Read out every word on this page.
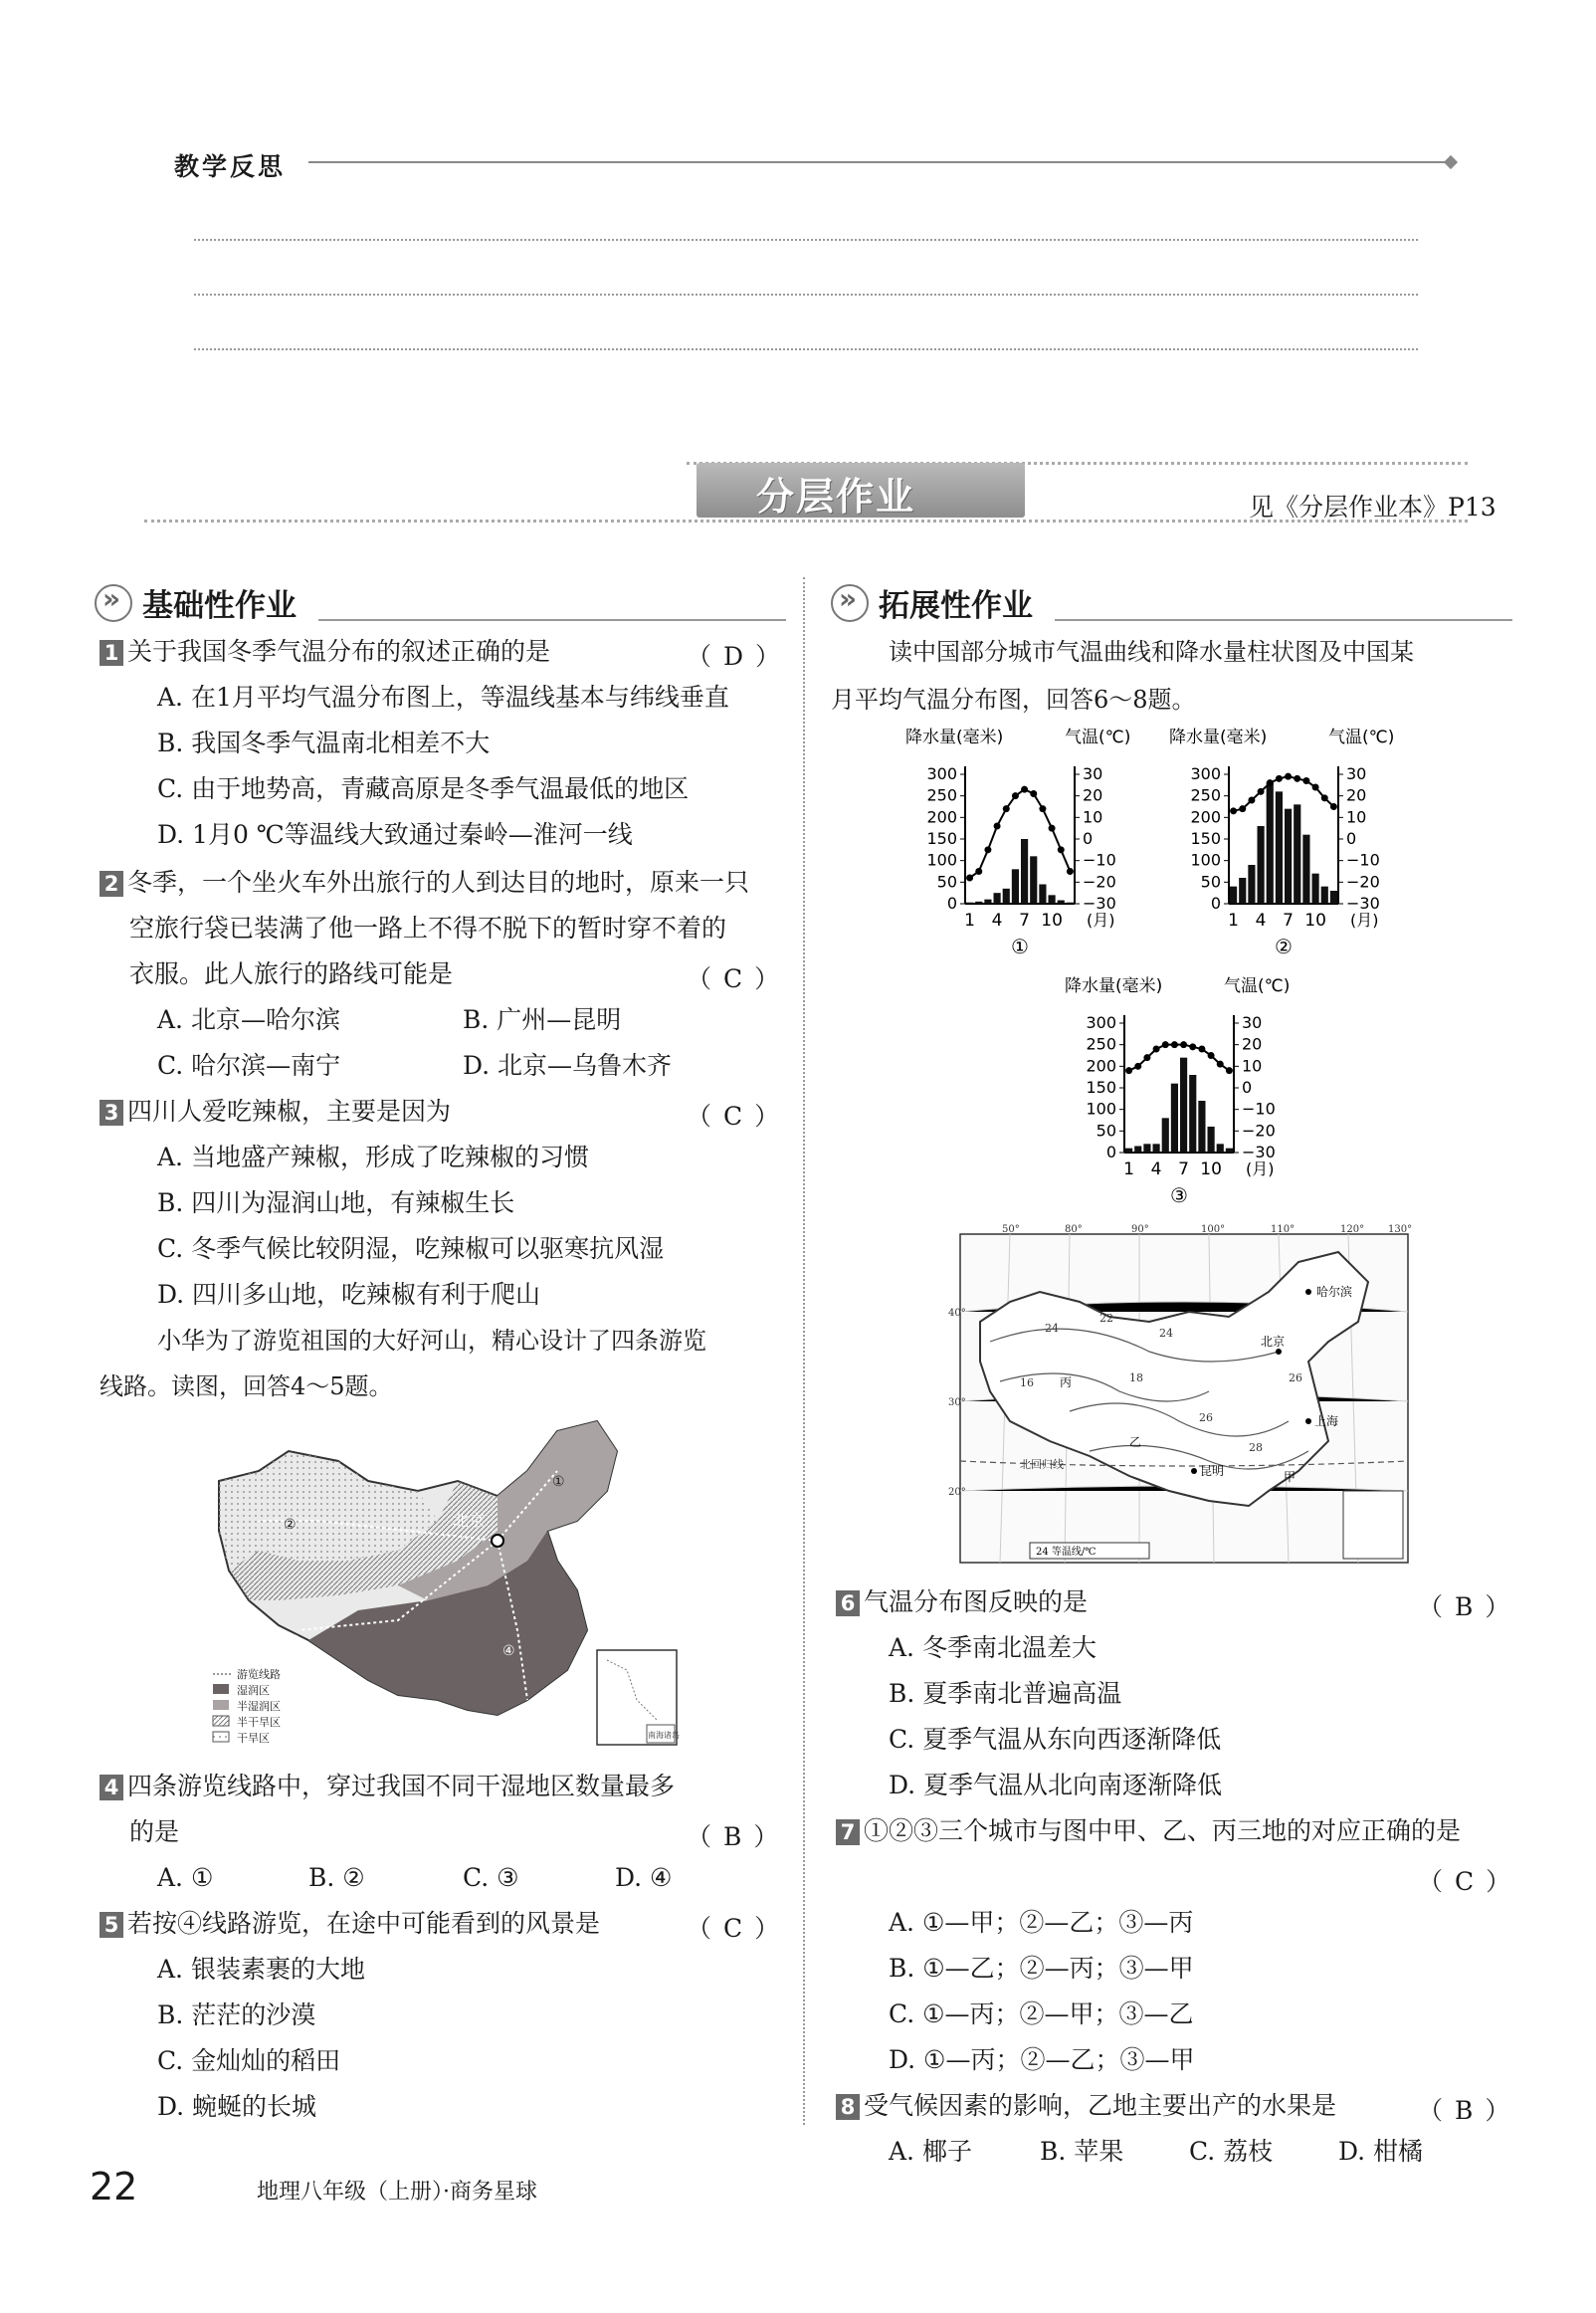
教学反思
分层作业	见《分层作业本》P13
»基础性作业
1 关于我国冬季气温分布的叙述正确的是	（D）
A. 在1月平均气温分布图上，等温线基本与纬线垂直
B. 我国冬季气温南北相差不大
C. 由于地势高，青藏高原是冬季气温最低的地区
D. 1月0 ℃等温线大致通过秦岭—淮河一线
2 冬季，一个坐火车外出旅行的人到达目的地时，原来一只
空旅行袋已装满了他一路上不得不脱下的暂时穿不着的
衣服。此人旅行的路线可能是	（C）
A. 北京—哈尔滨	B. 广州—昆明
C. 哈尔滨—南宁	D. 北京—乌鲁木齐
3 四川人爱吃辣椒，主要是因为	（C）
A. 当地盛产辣椒，形成了吃辣椒的习惯
B. 四川为湿润山地，有辣椒生长
C. 冬季气候比较阴湿，吃辣椒可以驱寒抗风湿
D. 四川多山地，吃辣椒有利于爬山
小华为了游览祖国的大好河山，精心设计了四条游览
线路。读图，回答4～5题。
北京
①
②
③
④
南海诸岛
游览线路
湿润区
半湿润区
半干旱区
干旱区
4 四条游览线路中，穿过我国不同干湿地区数量最多
的是	（B）
A. ①	B. ②	C. ③	D. ④
5 若按④线路游览，在途中可能看到的风景是	（C）
A. 银装素裹的大地
B. 茫茫的沙漠
C. 金灿灿的稻田
D. 蜿蜒的长城
»拓展性作业
读中国部分城市气温曲线和降水量柱状图及中国某
月平均气温分布图，回答6～8题。
降水量(毫米)	气温(℃)
0
50
100
150
200
250
300	30
20
10
0
−10
−20
−30
1 4 7 10 (月)
①
降水量(毫米)	气温(℃)
0
50
100
150
200
250
300	30
20
10
0
−10
−20
−30
1 4 7 10 (月)
②
降水量(毫米)	气温(℃)
0
50
100
150
200
250
300	30
20
10
0
−10
−20
−30
1 4 7 10 (月)
③
50°	80°	90°	100°	110°	120° 130°
40°
30°
20°
北回归线
24
22
24
16	18
26
28
26
哈尔滨
北京
上海
昆明	甲
乙
丙
24 等温线/℃
6 气温分布图反映的是	（B）
A. 冬季南北温差大
B. 夏季南北普遍高温
C. 夏季气温从东向西逐渐降低
D. 夏季气温从北向南逐渐降低
7 ①②③三个城市与图中甲、乙、丙三地的对应正确的是
（C）
A. ①—甲；②—乙；③—丙
B. ①—乙；②—丙；③—甲
C. ①—丙；②—甲；③—乙
D. ①—丙；②—乙；③—甲
8 受气候因素的影响，乙地主要出产的水果是	（B）
A. 椰子	B. 苹果	C. 荔枝	D. 柑橘
22	地理八年级（上册）·商务星球
